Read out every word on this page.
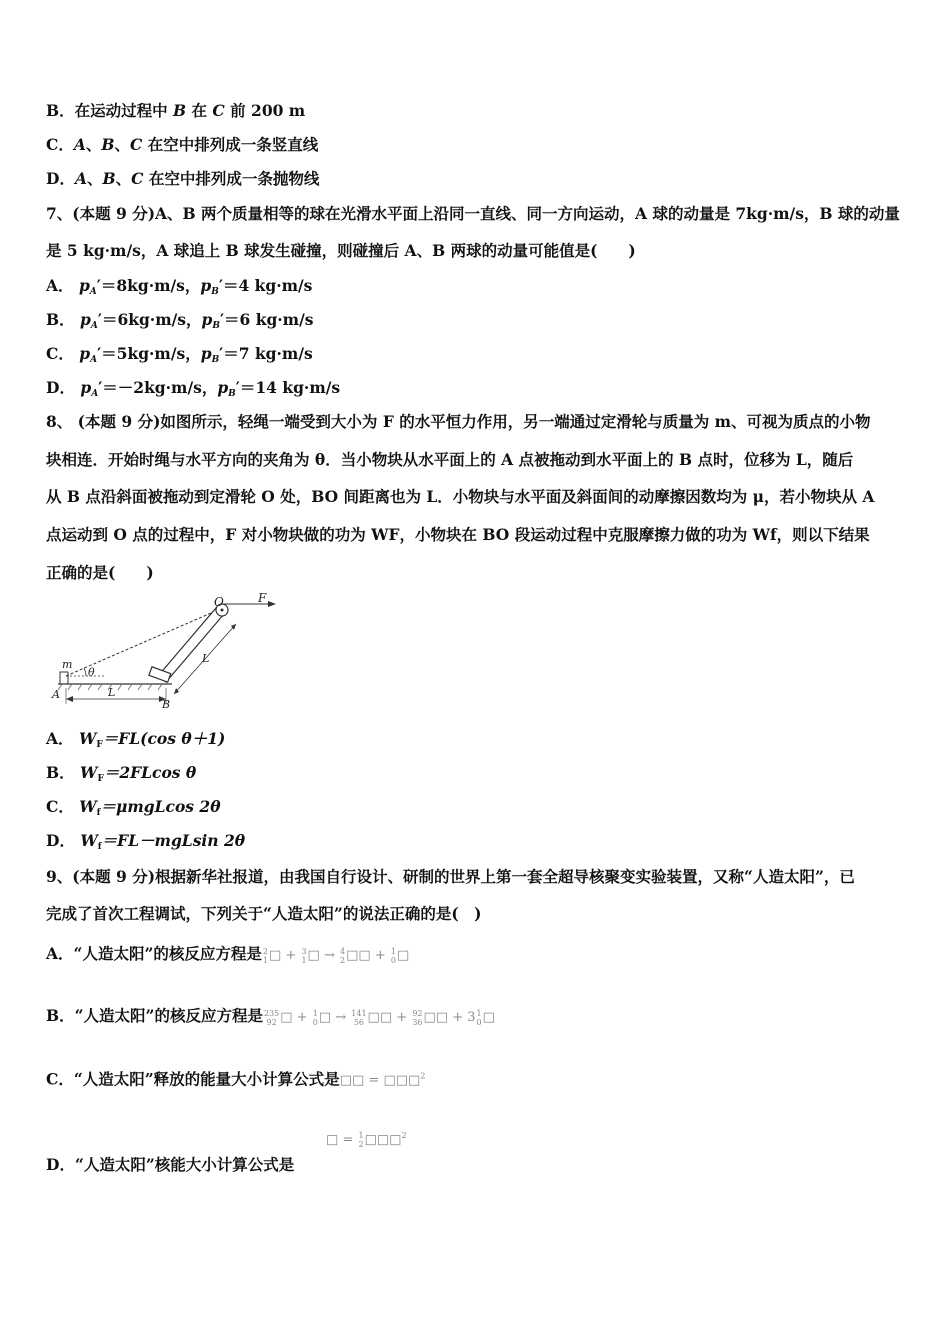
B．在运动过程中 B 在 C 前 200 m
C．A、B、C 在空中排列成一条竖直线
D．A、B、C 在空中排列成一条抛物线
7、(本题 9 分)A、B 两个质量相等的球在光滑水平面上沿同一直线、同一方向运动，A 球的动量是 7kg·m/s，B 球的动量
是 5 kg·m/s，A 球追上 B 球发生碰撞，则碰撞后 A、B 两球的动量可能值是(　　)
A． $p_A'=8kg\cdot m/s$，$p_B'=4$ kg·m/s
B． $p_A'=6kg\cdot m/s$，$p_B'=6$ kg·m/s
C． $p_A'=5kg\cdot m/s$，$p_B'=7$ kg·m/s
D． $p_A'=-2kg\cdot m/s$，$p_B'=14$ kg·m/s
8、 (本题 9 分)如图所示，轻绳一端受到大小为 F 的水平恒力作用，另一端通过定滑轮与质量为 m、可视为质点的小物
块相连．开始时绳与水平方向的夹角为 θ．当小物块从水平面上的 A 点被拖动到水平面上的 B 点时，位移为 L，随后
从 B 点沿斜面被拖动到定滑轮 O 处，BO 间距离也为 L．小物块与水平面及斜面间的动摩擦因数均为 μ，若小物块从 A
点运动到 O 点的过程中，F 对小物块做的功为 WF，小物块在 BO 段运动过程中克服摩擦力做的功为 Wf，则以下结果
正确的是(　　)
O	F
m
θ
A
B
L
L
A． $W_F=FL(\cos$ θ＋1)
B． $W_F=2FLcos$ θ
C． $W_f=\mu mgLcos$ 2θ
D． $W_f=FL-mgLsin$ 2θ
9、(本题 9 分)根据新华社报道，由我国自行设计、研制的世界上第一套全超导核聚变实验装置，又称“人造太阳”，已
完成了首次工程调试，下列关于“人造太阳”的说法正确的是(　)
A．“人造太阳”的核反应方程是 2
1 □ + 3
1 □ → 4
2 □□ + 1
0 □
B．“人造太阳”的核反应方程是 235
92 □ + 1
0 □ → 141
56 □□ + 92
36 □□ + 3 1
0 □
C．“人造太阳”释放的能量大小计算公式是□□ = □□□$^2$
□ = 1
2 □□□$^2$
D．“人造太阳”核能大小计算公式是
